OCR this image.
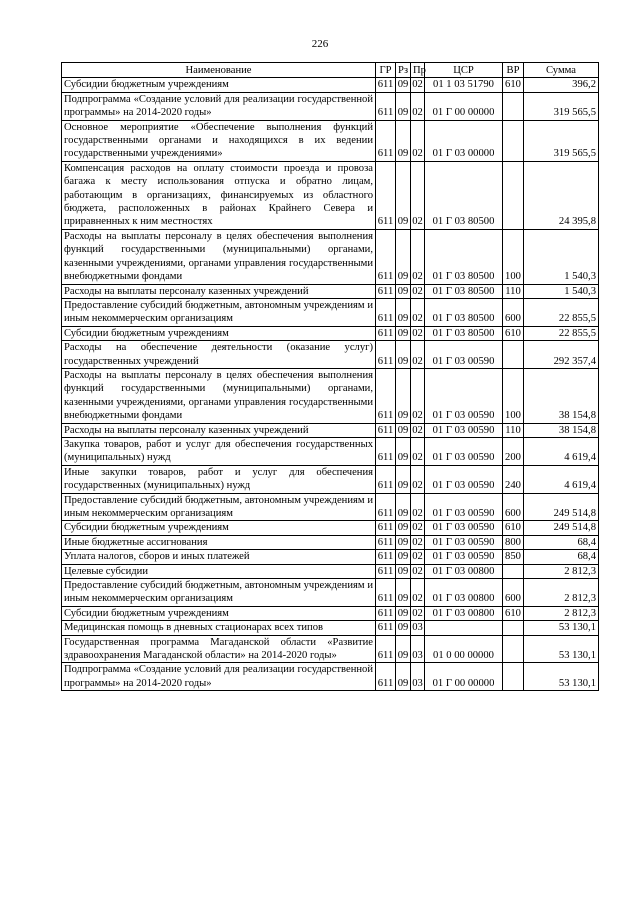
226
Наименование	ГР	Рз	Пр	ЦСР	ВР	Сумма
Субсидии бюджетным учреждениям	611	09	02	01 1 03 51790	610	396,2
Подпрограмма «Создание условий для реализации государственной программы» на 2014-2020 годы»	611	09	02	01 Г 00 00000		319 565,5
Основное мероприятие «Обеспечение выполнения функций государственными органами и находящихся в их ведении государственными учреждениями»	611	09	02	01 Г 03 00000		319 565,5
Компенсация расходов на оплату стоимости проезда и провоза багажа к месту использования отпуска и обратно лицам, работающим в организациях, финансируемых из областного бюджета, расположенных в районах Крайнего Севера и приравненных к ним местностях	611	09	02	01 Г 03 80500		24 395,8
Расходы на выплаты персоналу в целях обеспечения выполнения функций государственными (муниципальными) органами, казенными учреждениями, органами управления государственными внебюджетными фондами	611	09	02	01 Г 03 80500	100	1 540,3
Расходы на выплаты персоналу казенных учреждений	611	09	02	01 Г 03 80500	110	1 540,3
Предоставление субсидий бюджетным, автономным учреждениям и иным некоммерческим организациям	611	09	02	01 Г 03 80500	600	22 855,5
Субсидии бюджетным учреждениям	611	09	02	01 Г 03 80500	610	22 855,5
Расходы на обеспечение деятельности (оказание услуг) государственных учреждений	611	09	02	01 Г 03 00590		292 357,4
Расходы на выплаты персоналу в целях обеспечения выполнения функций государственными (муниципальными) органами, казенными учреждениями, органами управления государственными внебюджетными фондами	611	09	02	01 Г 03 00590	100	38 154,8
Расходы на выплаты персоналу казенных учреждений	611	09	02	01 Г 03 00590	110	38 154,8
Закупка товаров, работ и услуг для обеспечения государственных (муниципальных) нужд	611	09	02	01 Г 03 00590	200	4 619,4
Иные закупки товаров, работ и услуг для обеспечения государственных (муниципальных) нужд	611	09	02	01 Г 03 00590	240	4 619,4
Предоставление субсидий бюджетным, автономным учреждениям и иным некоммерческим организациям	611	09	02	01 Г 03 00590	600	249 514,8
Субсидии бюджетным учреждениям	611	09	02	01 Г 03 00590	610	249 514,8
Иные бюджетные ассигнования	611	09	02	01 Г 03 00590	800	68,4
Уплата налогов, сборов и иных платежей	611	09	02	01 Г 03 00590	850	68,4
Целевые субсидии	611	09	02	01 Г 03 00800		2 812,3
Предоставление субсидий бюджетным, автономным учреждениям и иным некоммерческим организациям	611	09	02	01 Г 03 00800	600	2 812,3
Субсидии бюджетным учреждениям	611	09	02	01 Г 03 00800	610	2 812,3
Медицинская помощь в дневных стационарах всех типов	611	09	03			53 130,1
Государственная программа Магаданской области «Развитие здравоохранения Магаданской области» на 2014-2020 годы»	611	09	03	01 0 00 00000		53 130,1
Подпрограмма «Создание условий для реализации государственной программы» на 2014-2020 годы»	611	09	03	01 Г 00 00000		53 130,1
